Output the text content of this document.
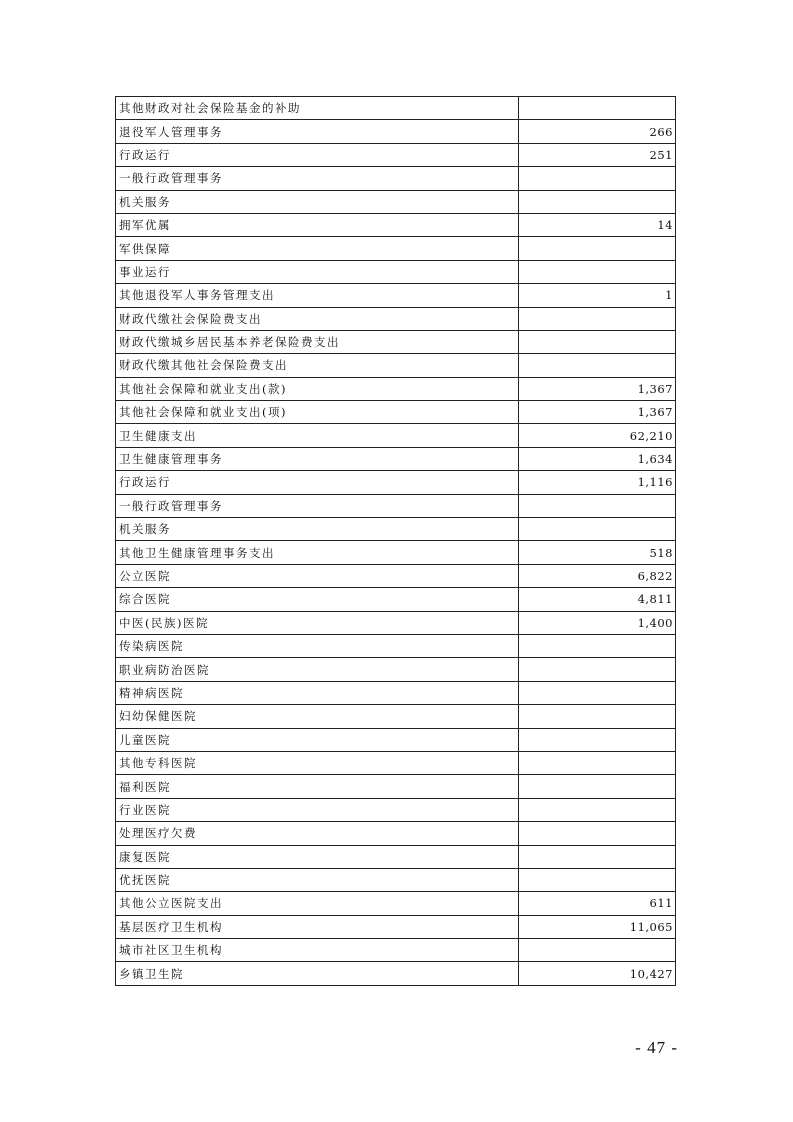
其他财政对社会保险基金的补助	
退役军人管理事务	266
行政运行	251
一般行政管理事务	
机关服务	
拥军优属	14
军供保障	
事业运行	
其他退役军人事务管理支出	1
财政代缴社会保险费支出	
财政代缴城乡居民基本养老保险费支出	
财政代缴其他社会保险费支出	
其他社会保障和就业支出(款)	1,367
其他社会保障和就业支出(项)	1,367
卫生健康支出	62,210
卫生健康管理事务	1,634
行政运行	1,116
一般行政管理事务	
机关服务	
其他卫生健康管理事务支出	518
公立医院	6,822
综合医院	4,811
中医(民族)医院	1,400
传染病医院	
职业病防治医院	
精神病医院	
妇幼保健医院	
儿童医院	
其他专科医院	
福利医院	
行业医院	
处理医疗欠费	
康复医院	
优抚医院	
其他公立医院支出	611
基层医疗卫生机构	11,065
城市社区卫生机构	
乡镇卫生院	10,427
- 47 -
